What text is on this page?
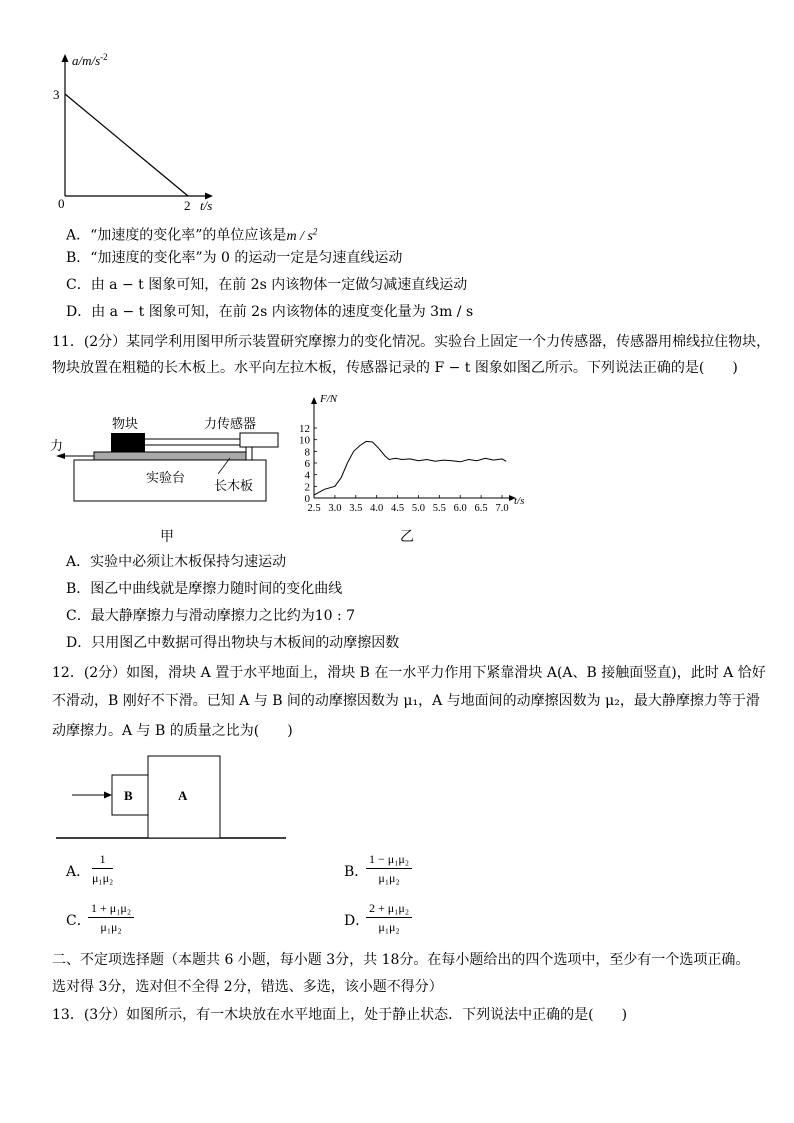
$a/m/s^{-2}$
3
0	2 t/s
A．“加速度的变化率”的单位应该是m / $s^2$
B．“加速度的变化率”为 0 的运动一定是匀速直线运动
C．由 a − t 图象可知，在前 2s 内该物体一定做匀减速直线运动
D．由 a − t 图象可知，在前 2s 内该物体的速度变化量为 3m / s
11．(2分）某同学利用图甲所示装置研究摩擦力的变化情况。实验台上固定一个力传感器，传感器用棉线拉住物块，
物块放置在粗糙的长木板上。水平向左拉木板，传感器记录的 F − t 图象如图乙所示。下列说法正确的是(　　)
物块	力传感器
力
实验台
长木板
甲
F/N
t/s
0
2
4
6
8
10
12
2.5 3.0 3.5 4.0 4.5 5.0 5.5 6.0 6.5 7.0
乙
A．实验中必须让木板保持匀速运动
B．图乙中曲线就是摩擦力随时间的变化曲线
C．最大静摩擦力与滑动摩擦力之比约为10 : 7
D．只用图乙中数据可得出物块与木板间的动摩擦因数
12．(2分）如图，滑块 A 置于水平地面上，滑块 B 在一水平力作用下紧靠滑块 A(A、B 接触面竖直)，此时 A 恰好
不滑动，B 刚好不下滑。已知 A 与 B 间的动摩擦因数为 μ₁，A 与地面间的动摩擦因数为 μ₂，最大静摩擦力等于滑
动摩擦力。A 与 B 的质量之比为(　　)
B	A
A． $\frac{1}{\text{μ₁μ₂}}$	B．
$\frac{\text{1 − μ₁μ₂}}{\text{μ₁μ₂}}$
C．
$\frac{\text{1 + μ₁μ₂}}{\text{μ₁μ₂}}$	D．
$\frac{\text{2 + μ₁μ₂}}{\text{μ₁μ₂}}$
二、不定项选择题（本题共 6 小题，每小题 3分，共 18分。在每小题给出的四个选项中，至少有一个选项正确。
选对得 3分，选对但不全得 2分，错选、多选，该小题不得分）
13．(3分）如图所示，有一木块放在水平地面上，处于静止状态．下列说法中正确的是(　　)
